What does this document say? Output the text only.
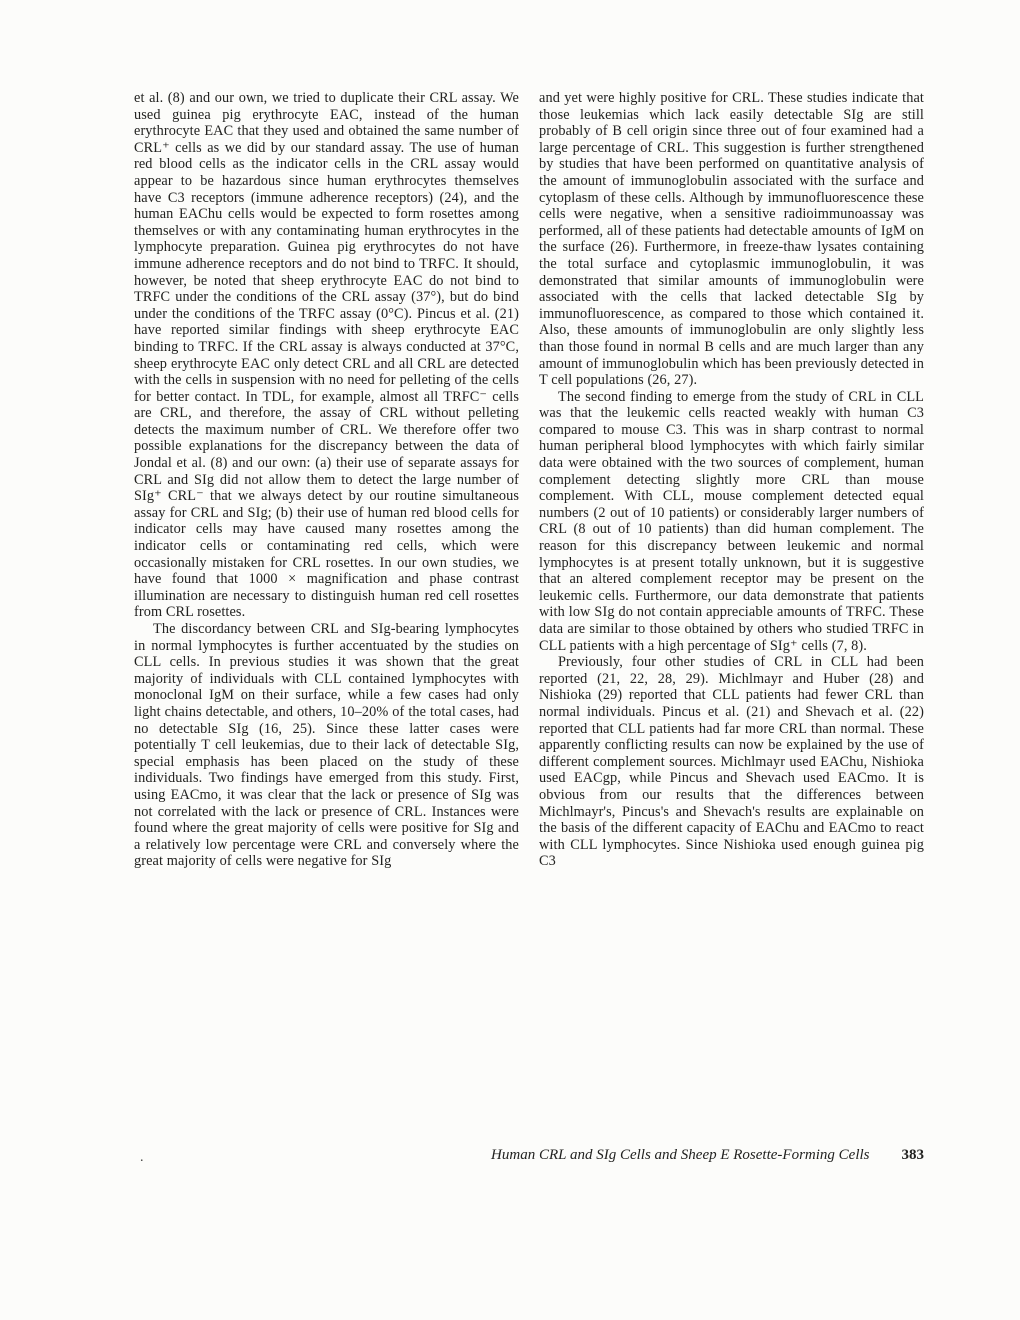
et al. (8) and our own, we tried to duplicate their CRL assay. We used guinea pig erythrocyte EAC, instead of the human erythrocyte EAC that they used and obtained the same number of CRL⁺ cells as we did by our standard assay. The use of human red blood cells as the indicator cells in the CRL assay would appear to be hazardous since human erythrocytes themselves have C3 receptors (immune adherence receptors) (24), and the human EAChu cells would be expected to form rosettes among themselves or with any contaminating human erythrocytes in the lymphocyte preparation. Guinea pig erythrocytes do not have immune adherence receptors and do not bind to TRFC. It should, however, be noted that sheep erythrocyte EAC do not bind to TRFC under the conditions of the CRL assay (37°), but do bind under the conditions of the TRFC assay (0°C). Pincus et al. (21) have reported similar findings with sheep erythrocyte EAC binding to TRFC. If the CRL assay is always conducted at 37°C, sheep erythrocyte EAC only detect CRL and all CRL are detected with the cells in suspension with no need for pelleting of the cells for better contact. In TDL, for example, almost all TRFC⁻ cells are CRL, and therefore, the assay of CRL without pelleting detects the maximum number of CRL. We therefore offer two possible explanations for the discrepancy between the data of Jondal et al. (8) and our own: (a) their use of separate assays for CRL and SIg did not allow them to detect the large number of SIg⁺ CRL⁻ that we always detect by our routine simultaneous assay for CRL and SIg; (b) their use of human red blood cells for indicator cells may have caused many rosettes among the indicator cells or contaminating red cells, which were occasionally mistaken for CRL rosettes. In our own studies, we have found that 1000 × magnification and phase contrast illumination are necessary to distinguish human red cell rosettes from CRL rosettes.

The discordancy between CRL and SIg-bearing lymphocytes in normal lymphocytes is further accentuated by the studies on CLL cells. In previous studies it was shown that the great majority of individuals with CLL contained lymphocytes with monoclonal IgM on their surface, while a few cases had only light chains detectable, and others, 10–20% of the total cases, had no detectable SIg (16, 25). Since these latter cases were potentially T cell leukemias, due to their lack of detectable SIg, special emphasis has been placed on the study of these individuals. Two findings have emerged from this study. First, using EACmo, it was clear that the lack or presence of SIg was not correlated with the lack or presence of CRL. Instances were found where the great majority of cells were positive for SIg and a relatively low percentage were CRL and conversely where the great majority of cells were negative for SIg

and yet were highly positive for CRL. These studies indicate that those leukemias which lack easily detectable SIg are still probably of B cell origin since three out of four examined had a large percentage of CRL. This suggestion is further strengthened by studies that have been performed on quantitative analysis of the amount of immunoglobulin associated with the surface and cytoplasm of these cells. Although by immunofluorescence these cells were negative, when a sensitive radioimmunoassay was performed, all of these patients had detectable amounts of IgM on the surface (26). Furthermore, in freeze-thaw lysates containing the total surface and cytoplasmic immunoglobulin, it was demonstrated that similar amounts of immunoglobulin were associated with the cells that lacked detectable SIg by immunofluorescence, as compared to those which contained it. Also, these amounts of immunoglobulin are only slightly less than those found in normal B cells and are much larger than any amount of immunoglobulin which has been previously detected in T cell populations (26, 27).

The second finding to emerge from the study of CRL in CLL was that the leukemic cells reacted weakly with human C3 compared to mouse C3. This was in sharp contrast to normal human peripheral blood lymphocytes with which fairly similar data were obtained with the two sources of complement, human complement detecting slightly more CRL than mouse complement. With CLL, mouse complement detected equal numbers (2 out of 10 patients) or considerably larger numbers of CRL (8 out of 10 patients) than did human complement. The reason for this discrepancy between leukemic and normal lymphocytes is at present totally unknown, but it is suggestive that an altered complement receptor may be present on the leukemic cells. Furthermore, our data demonstrate that patients with low SIg do not contain appreciable amounts of TRFC. These data are similar to those obtained by others who studied TRFC in CLL patients with a high percentage of SIg⁺ cells (7, 8).

Previously, four other studies of CRL in CLL had been reported (21, 22, 28, 29). Michlmayr and Huber (28) and Nishioka (29) reported that CLL patients had fewer CRL than normal individuals. Pincus et al. (21) and Shevach et al. (22) reported that CLL patients had far more CRL than normal. These apparently conflicting results can now be explained by the use of different complement sources. Michlmayr used EAChu, Nishioka used EACgp, while Pincus and Shevach used EACmo. It is obvious from our results that the differences between Michlmayr's, Pincus's and Shevach's results are explainable on the basis of the different capacity of EAChu and EACmo to react with CLL lymphocytes. Since Nishioka used enough guinea pig C3

.	Human CRL and SIg Cells and Sheep E Rosette-Forming Cells 383
